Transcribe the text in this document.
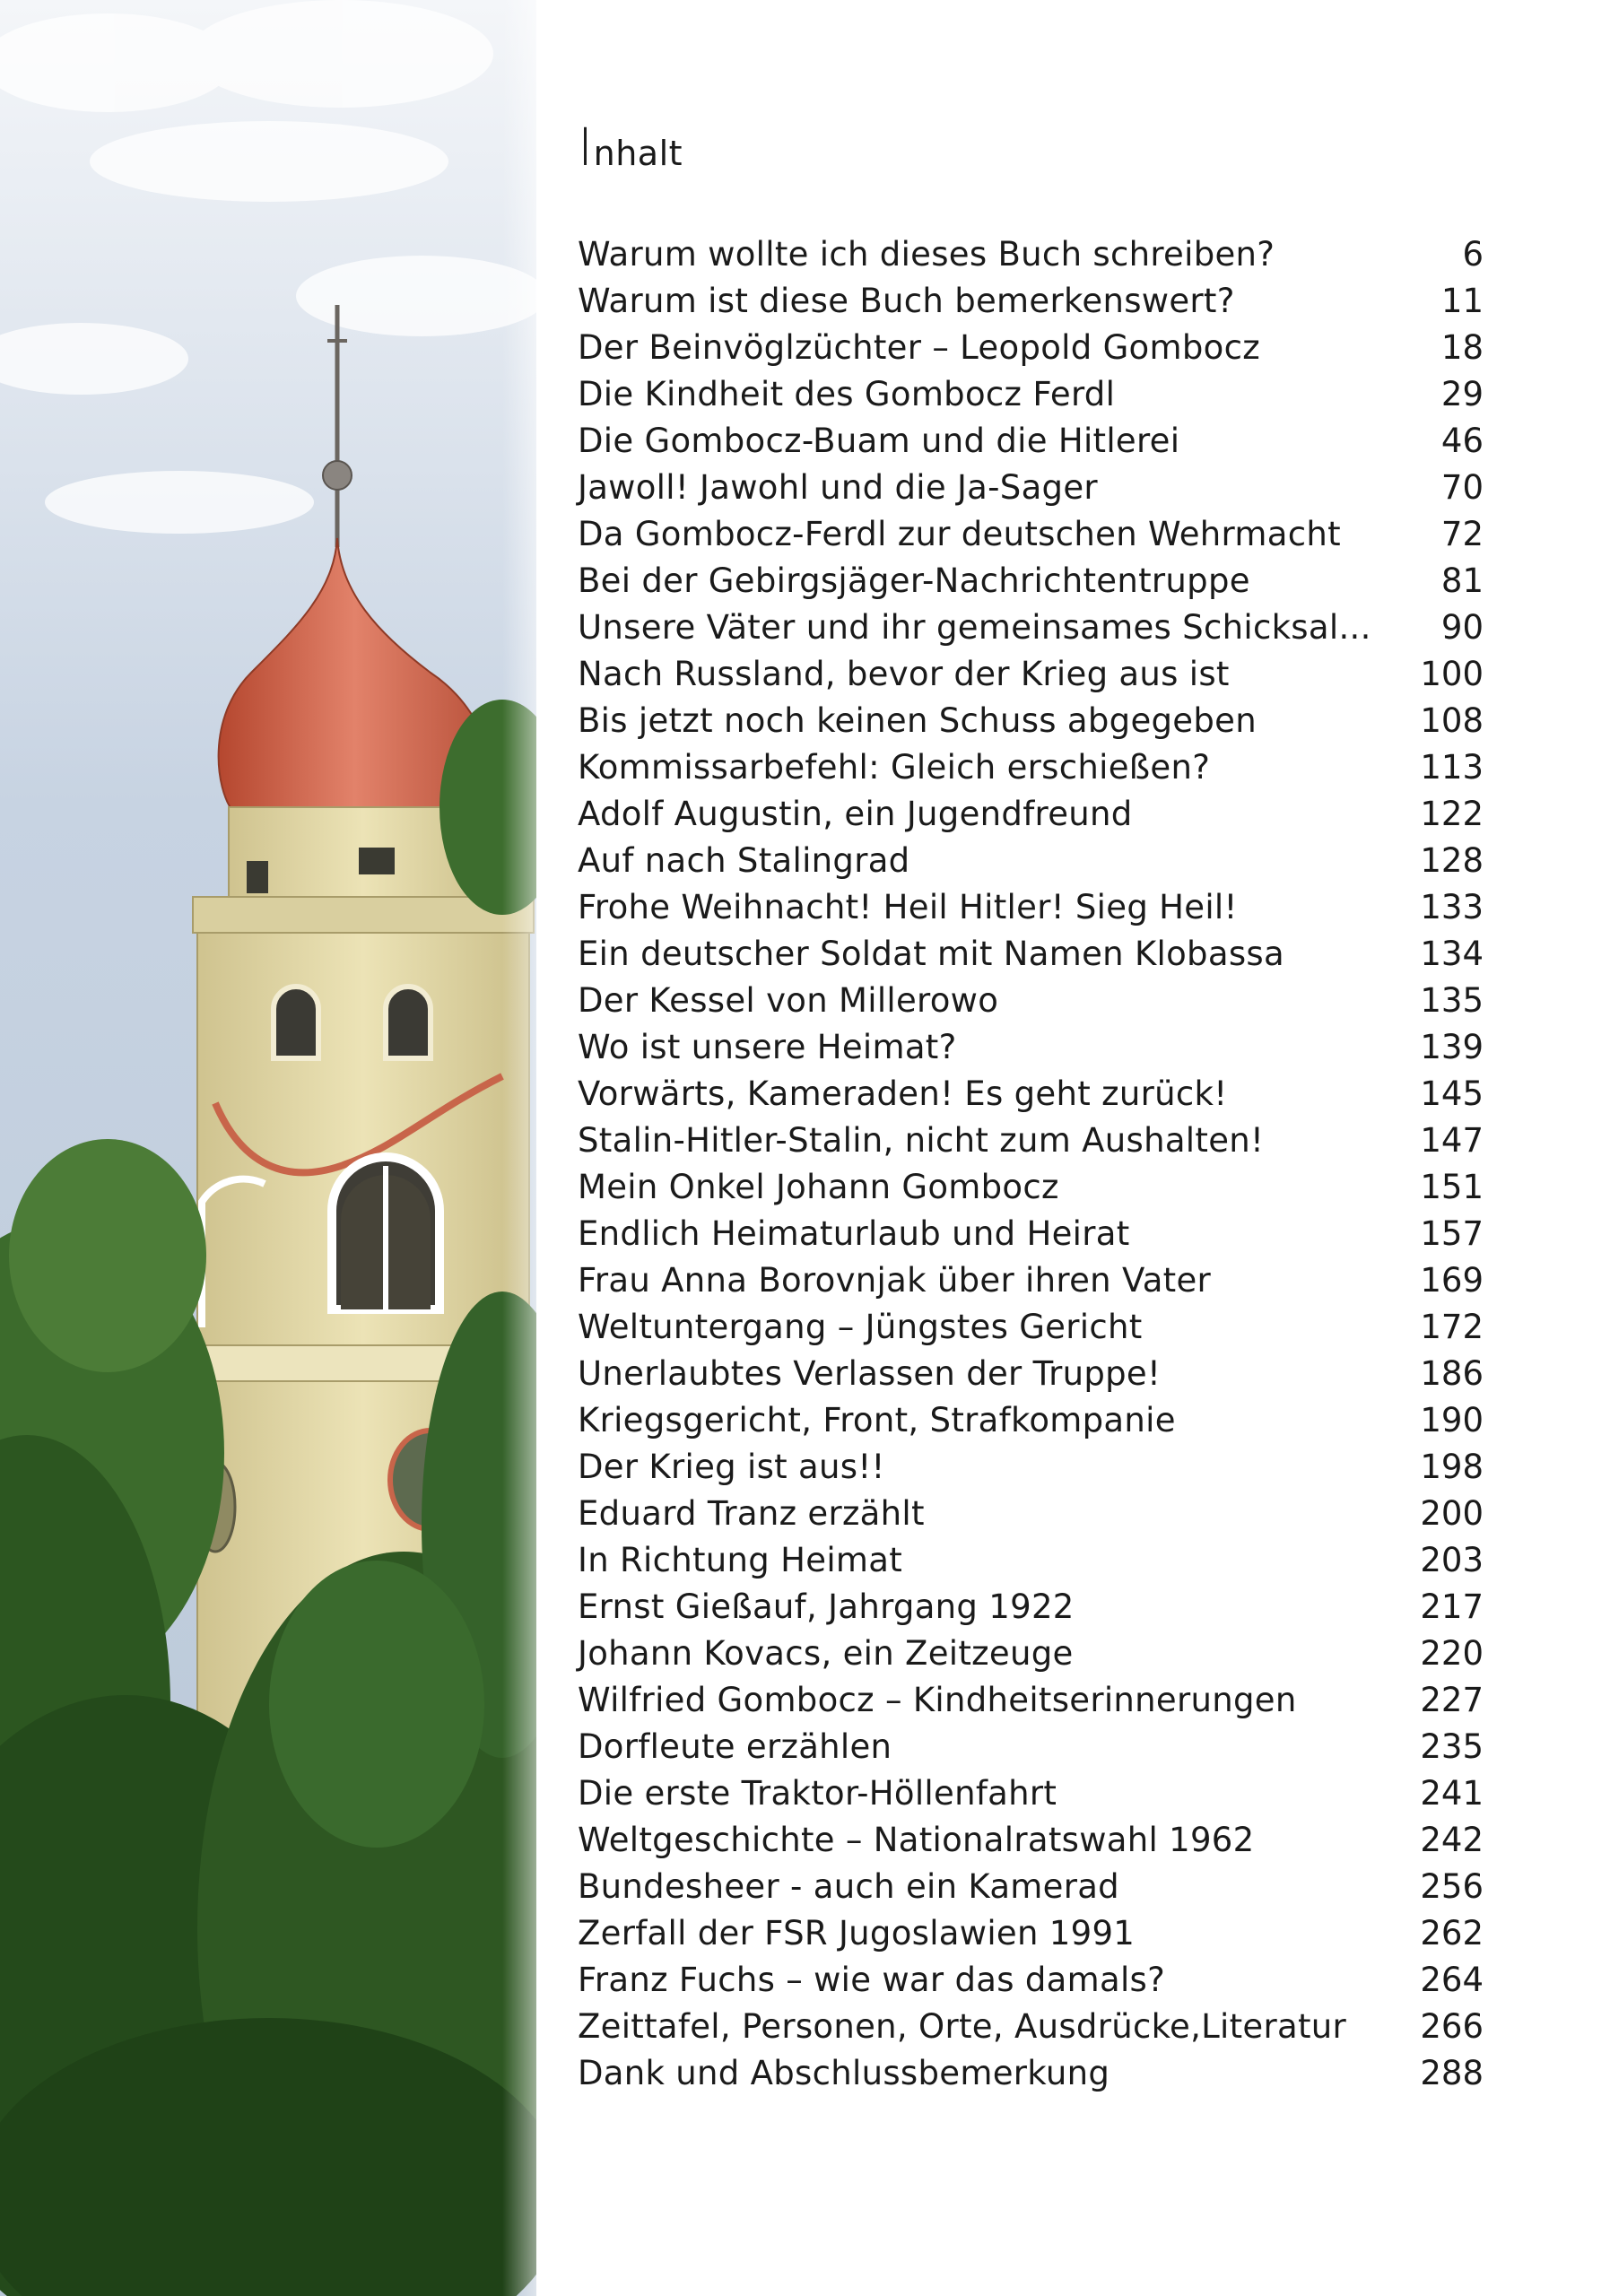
Inhalt
Warum wollte ich dieses Buch schreiben?	6
Warum ist diese Buch bemerkenswert?	11
Der Beinvöglzüchter – Leopold Gombocz	18
Die Kindheit des Gombocz Ferdl	29
Die Gombocz-Buam und die Hitlerei	46
Jawoll! Jawohl und die Ja-Sager	70
Da Gombocz-Ferdl zur deutschen Wehrmacht	72
Bei der Gebirgsjäger-Nachrichtentruppe	81
Unsere Väter und ihr gemeinsames Schicksal...	90
Nach Russland, bevor der Krieg aus ist	100
Bis jetzt noch keinen Schuss abgegeben	108
Kommissarbefehl: Gleich erschießen?	113
Adolf Augustin, ein Jugendfreund	122
Auf nach Stalingrad	128
Frohe Weihnacht! Heil Hitler! Sieg Heil!	133
Ein deutscher Soldat mit Namen Klobassa	134
Der Kessel von Millerowo	135
Wo ist unsere Heimat?	139
Vorwärts, Kameraden! Es geht zurück!	145
Stalin-Hitler-Stalin, nicht zum Aushalten!	147
Mein Onkel Johann Gombocz	151
Endlich Heimaturlaub und Heirat	157
Frau Anna Borovnjak über ihren Vater	169
Weltuntergang – Jüngstes Gericht	172
Unerlaubtes Verlassen der Truppe!	186
Kriegsgericht, Front, Strafkompanie	190
Der Krieg ist aus!!	198
Eduard Tranz erzählt	200
In Richtung Heimat	203
Ernst Gießauf, Jahrgang 1922	217
Johann Kovacs, ein Zeitzeuge	220
Wilfried Gombocz – Kindheitserinnerungen	227
Dorfleute erzählen	235
Die erste Traktor-Höllenfahrt	241
Weltgeschichte – Nationalratswahl 1962	242
Bundesheer - auch ein Kamerad	256
Zerfall der FSR Jugoslawien 1991	262
Franz Fuchs – wie war das damals?	264
Zeittafel, Personen, Orte, Ausdrücke,Literatur	266
Dank und Abschlussbemerkung	288
